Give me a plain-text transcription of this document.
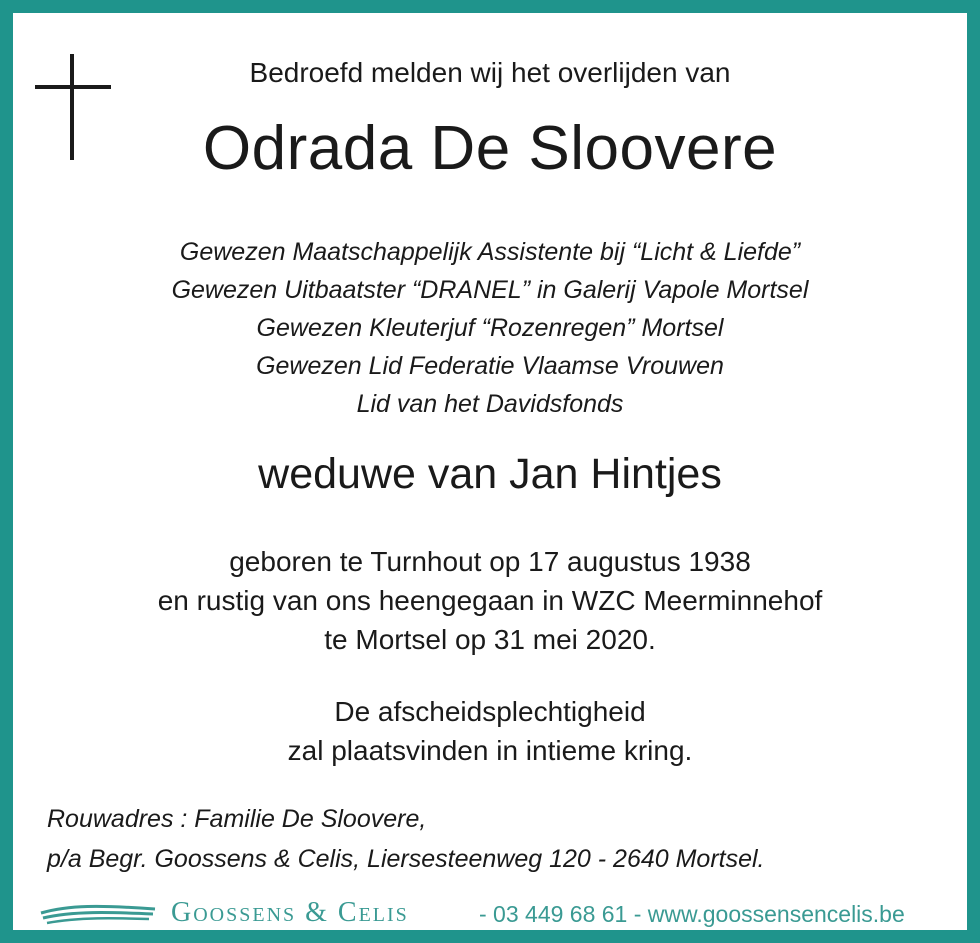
Bedroefd melden wij het overlijden van
Odrada De Sloovere
Gewezen Maatschappelijk Assistente bij “Licht & Liefde”
Gewezen Uitbaatster “DRANEL” in Galerij Vapole Mortsel
Gewezen Kleuterjuf “Rozenregen” Mortsel
Gewezen Lid Federatie Vlaamse Vrouwen
Lid van het Davidsfonds
weduwe van Jan Hintjes
geboren te Turnhout op 17 augustus 1938
en rustig van ons heengegaan in WZC Meerminnehof
te Mortsel op 31 mei 2020.
De afscheidsplechtigheid
zal plaatsvinden in intieme kring.
Rouwadres : Familie De Sloovere,
p/a Begr. Goossens & Celis, Liersesteenweg 120 - 2640 Mortsel.
Goossens & Celis	- 03 449 68 61 - www.goossensencelis.be
